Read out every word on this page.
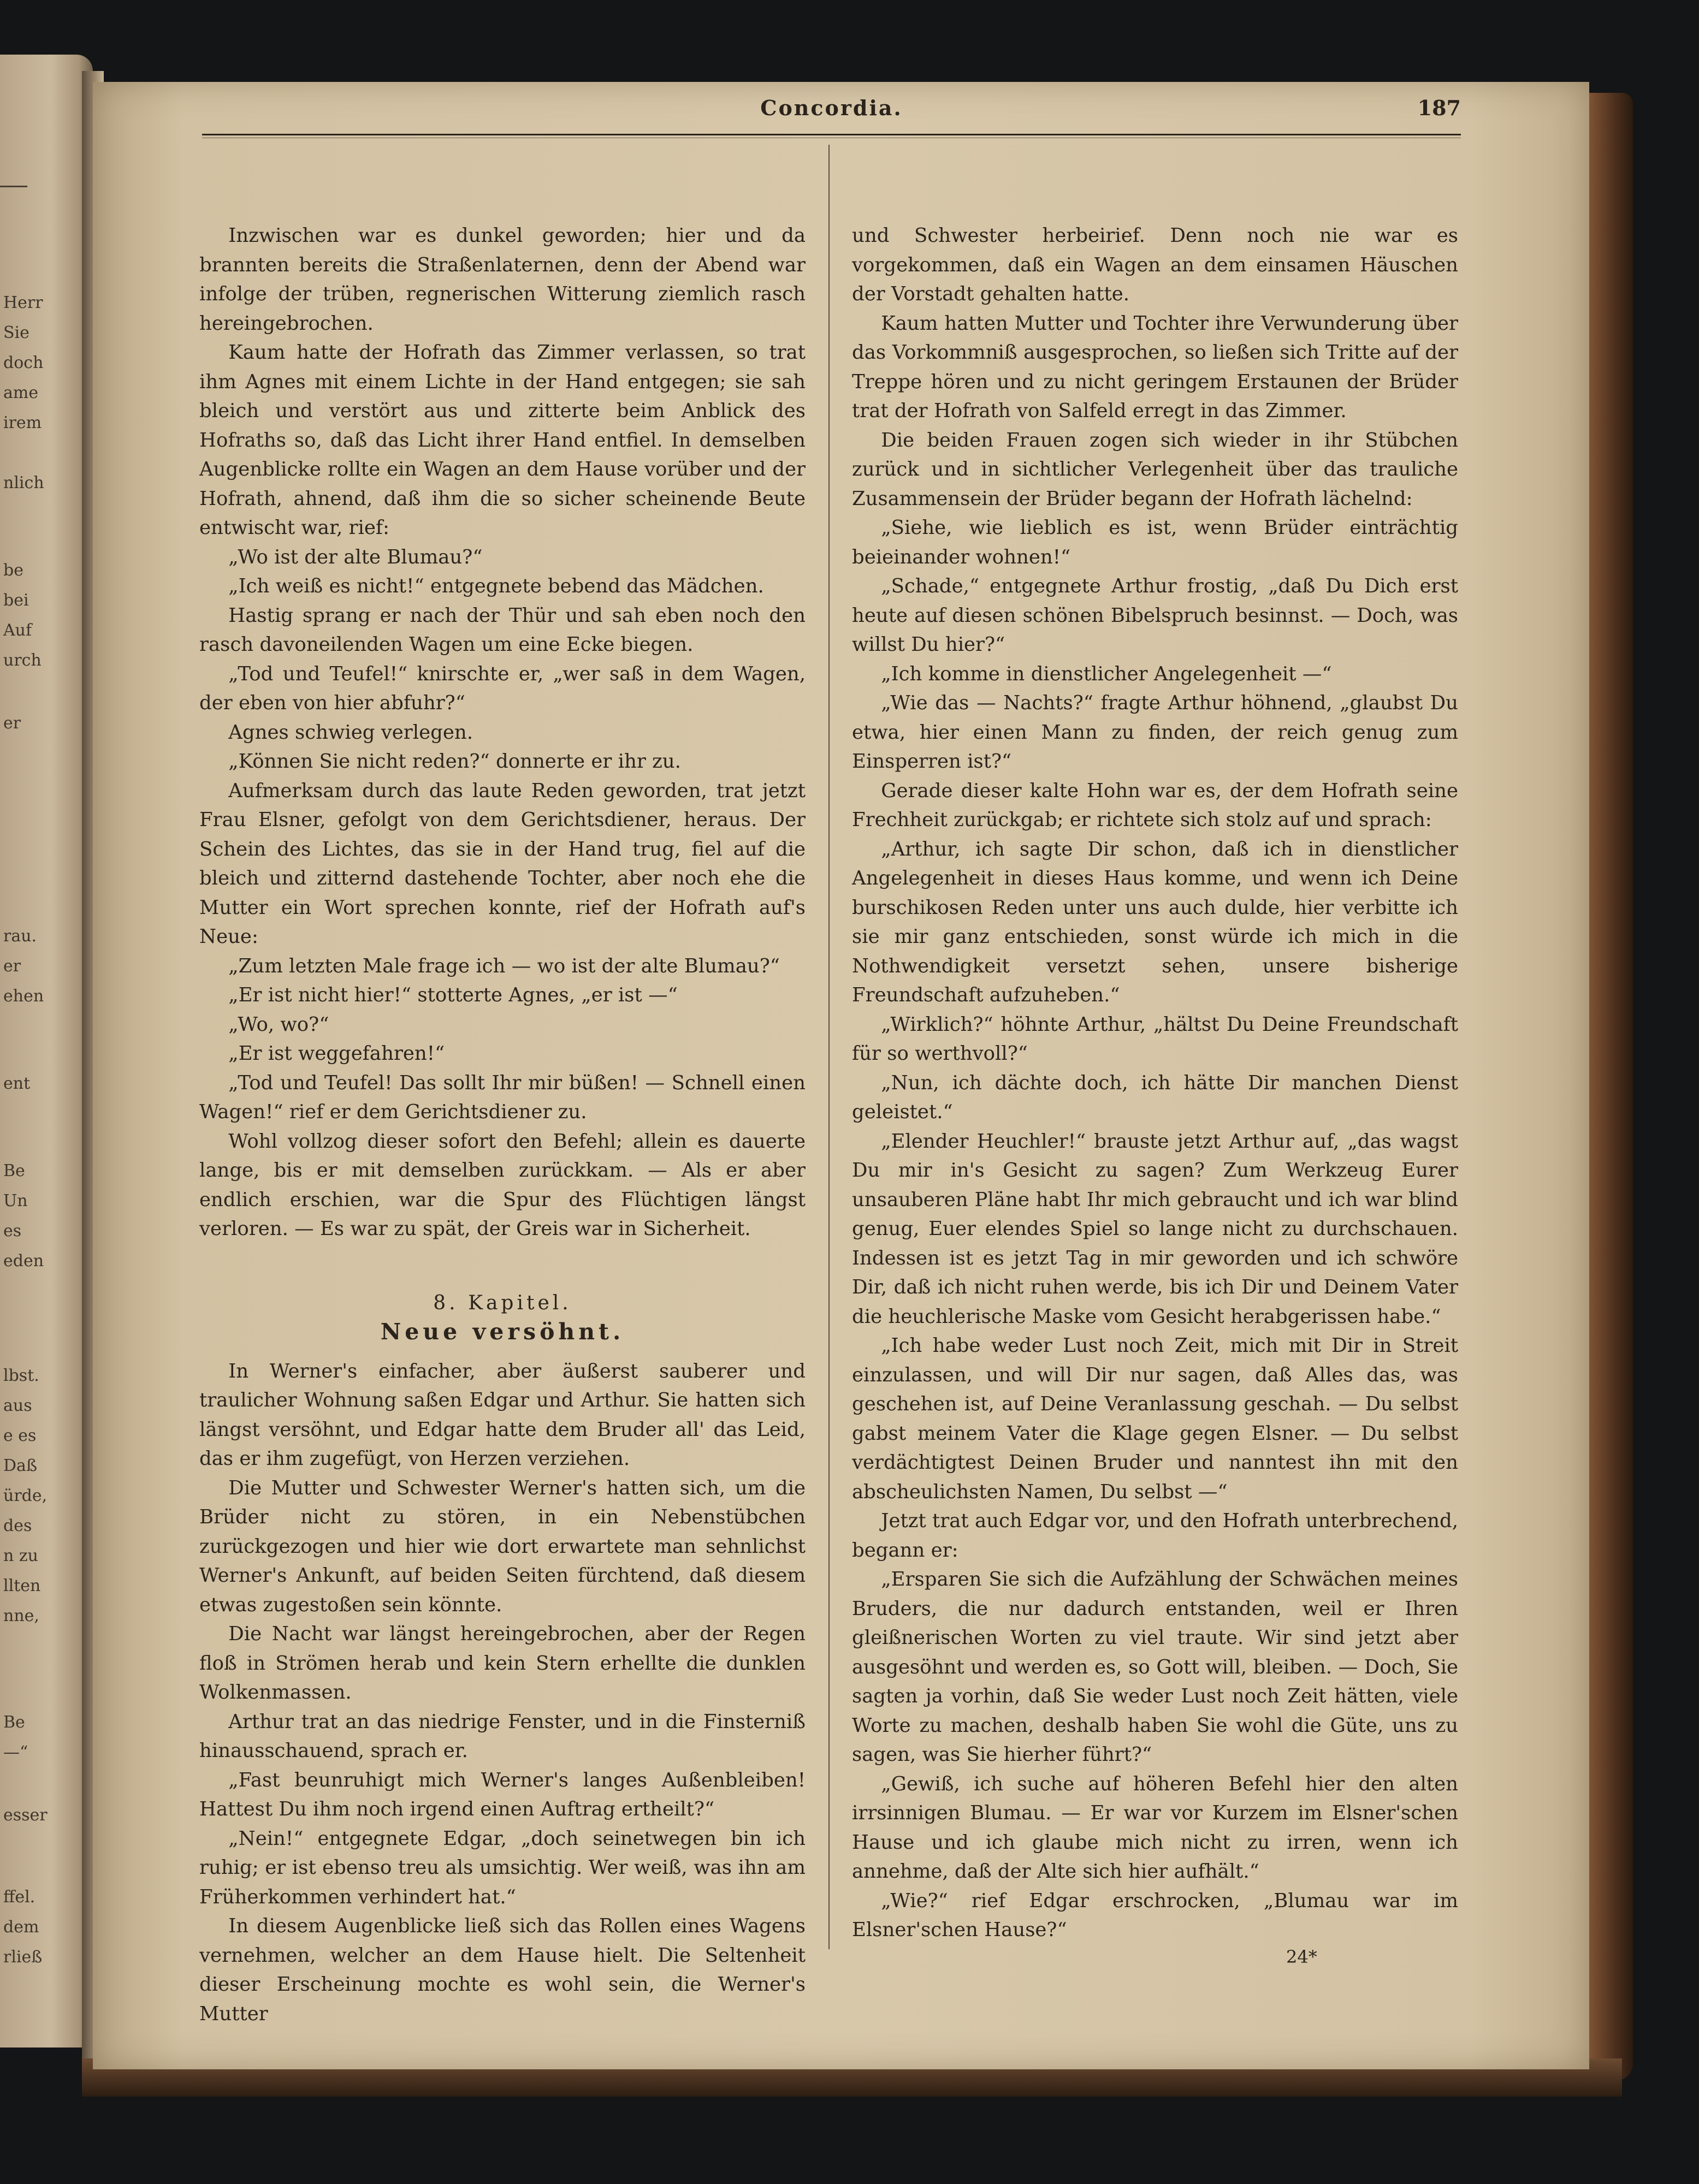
Herr
Sie
doch
ame
irem
nlich
be
bei
Auf
urch
er
rau.
er
ehen
ent
Be
Un
es
eden
lbst.
aus
e es
Daß
ürde,
des
n zu
llten
nne,
Be
—“
esser
ffel.
dem
rließ
Concordia.	187

Inzwischen war es dunkel geworden; hier und da brannten bereits die Straßenlaternen, denn der Abend war infolge der trüben, regnerischen Witterung ziemlich rasch hereingebrochen.

Kaum hatte der Hofrath das Zimmer verlassen, so trat ihm Agnes mit einem Lichte in der Hand entgegen; sie sah bleich und verstört aus und zitterte beim Anblick des Hofraths so, daß das Licht ihrer Hand entfiel. In demselben Augenblicke rollte ein Wagen an dem Hause vorüber und der Hofrath, ahnend, daß ihm die so sicher scheinende Beute entwischt war, rief:

„Wo ist der alte Blumau?“

„Ich weiß es nicht!“ entgegnete bebend das Mädchen.

Hastig sprang er nach der Thür und sah eben noch den rasch davoneilenden Wagen um eine Ecke biegen.

„Tod und Teufel!“ knirschte er, „wer saß in dem Wagen, der eben von hier abfuhr?“

Agnes schwieg verlegen.

„Können Sie nicht reden?“ donnerte er ihr zu.

Aufmerksam durch das laute Reden geworden, trat jetzt Frau Elsner, gefolgt von dem Gerichtsdiener, heraus. Der Schein des Lichtes, das sie in der Hand trug, fiel auf die bleich und zitternd dastehende Tochter, aber noch ehe die Mutter ein Wort sprechen konnte, rief der Hofrath auf's Neue:

„Zum letzten Male frage ich — wo ist der alte Blumau?“

„Er ist nicht hier!“ stotterte Agnes, „er ist —“

„Wo, wo?“

„Er ist weggefahren!“

„Tod und Teufel! Das sollt Ihr mir büßen! — Schnell einen Wagen!“ rief er dem Gerichtsdiener zu.

Wohl vollzog dieser sofort den Befehl; allein es dauerte lange, bis er mit demselben zurückkam. — Als er aber endlich erschien, war die Spur des Flüchtigen längst verloren. — Es war zu spät, der Greis war in Sicherheit.

8. Kapitel.
Neue versöhnt.

In Werner's einfacher, aber äußerst sauberer und traulicher Wohnung saßen Edgar und Arthur. Sie hatten sich längst versöhnt, und Edgar hatte dem Bruder all' das Leid, das er ihm zugefügt, von Herzen verziehen.

Die Mutter und Schwester Werner's hatten sich, um die Brüder nicht zu stören, in ein Nebenstübchen zurückgezogen und hier wie dort erwartete man sehnlichst Werner's Ankunft, auf beiden Seiten fürchtend, daß diesem etwas zugestoßen sein könnte.

Die Nacht war längst hereingebrochen, aber der Regen floß in Strömen herab und kein Stern erhellte die dunklen Wolkenmassen.

Arthur trat an das niedrige Fenster, und in die Finsterniß hinausschauend, sprach er.

„Fast beunruhigt mich Werner's langes Außenbleiben! Hattest Du ihm noch irgend einen Auftrag ertheilt?“

„Nein!“ entgegnete Edgar, „doch seinetwegen bin ich ruhig; er ist ebenso treu als umsichtig. Wer weiß, was ihn am Früherkommen verhindert hat.“

In diesem Augenblicke ließ sich das Rollen eines Wagens vernehmen, welcher an dem Hause hielt. Die Seltenheit dieser Erscheinung mochte es wohl sein, die Werner's Mutter

und Schwester herbeirief. Denn noch nie war es vorgekommen, daß ein Wagen an dem einsamen Häuschen der Vorstadt gehalten hatte.

Kaum hatten Mutter und Tochter ihre Verwunderung über das Vorkommniß ausgesprochen, so ließen sich Tritte auf der Treppe hören und zu nicht geringem Erstaunen der Brüder trat der Hofrath von Salfeld erregt in das Zimmer.

Die beiden Frauen zogen sich wieder in ihr Stübchen zurück und in sichtlicher Verlegenheit über das trauliche Zusammensein der Brüder begann der Hofrath lächelnd:

„Siehe, wie lieblich es ist, wenn Brüder einträchtig beieinander wohnen!“

„Schade,“ entgegnete Arthur frostig, „daß Du Dich erst heute auf diesen schönen Bibelspruch besinnst. — Doch, was willst Du hier?“

„Ich komme in dienstlicher Angelegenheit —“

„Wie das — Nachts?“ fragte Arthur höhnend, „glaubst Du etwa, hier einen Mann zu finden, der reich genug zum Einsperren ist?“

Gerade dieser kalte Hohn war es, der dem Hofrath seine Frechheit zurückgab; er richtete sich stolz auf und sprach:

„Arthur, ich sagte Dir schon, daß ich in dienstlicher Angelegenheit in dieses Haus komme, und wenn ich Deine burschikosen Reden unter uns auch dulde, hier verbitte ich sie mir ganz entschieden, sonst würde ich mich in die Nothwendigkeit versetzt sehen, unsere bisherige Freundschaft aufzuheben.“

„Wirklich?“ höhnte Arthur, „hältst Du Deine Freundschaft für so werthvoll?“

„Nun, ich dächte doch, ich hätte Dir manchen Dienst geleistet.“

„Elender Heuchler!“ brauste jetzt Arthur auf, „das wagst Du mir in's Gesicht zu sagen? Zum Werkzeug Eurer unsauberen Pläne habt Ihr mich gebraucht und ich war blind genug, Euer elendes Spiel so lange nicht zu durchschauen. Indessen ist es jetzt Tag in mir geworden und ich schwöre Dir, daß ich nicht ruhen werde, bis ich Dir und Deinem Vater die heuchlerische Maske vom Gesicht herabgerissen habe.“

„Ich habe weder Lust noch Zeit, mich mit Dir in Streit einzulassen, und will Dir nur sagen, daß Alles das, was geschehen ist, auf Deine Veranlassung geschah. — Du selbst gabst meinem Vater die Klage gegen Elsner. — Du selbst verdächtigtest Deinen Bruder und nanntest ihn mit den abscheulichsten Namen, Du selbst —“

Jetzt trat auch Edgar vor, und den Hofrath unterbrechend, begann er:

„Ersparen Sie sich die Aufzählung der Schwächen meines Bruders, die nur dadurch entstanden, weil er Ihren gleißnerischen Worten zu viel traute. Wir sind jetzt aber ausgesöhnt und werden es, so Gott will, bleiben. — Doch, Sie sagten ja vorhin, daß Sie weder Lust noch Zeit hätten, viele Worte zu machen, deshalb haben Sie wohl die Güte, uns zu sagen, was Sie hierher führt?“

„Gewiß, ich suche auf höheren Befehl hier den alten irrsinnigen Blumau. — Er war vor Kurzem im Elsner'schen Hause und ich glaube mich nicht zu irren, wenn ich annehme, daß der Alte sich hier aufhält.“

„Wie?“ rief Edgar erschrocken, „Blumau war im Elsner'schen Hause?“

24*
